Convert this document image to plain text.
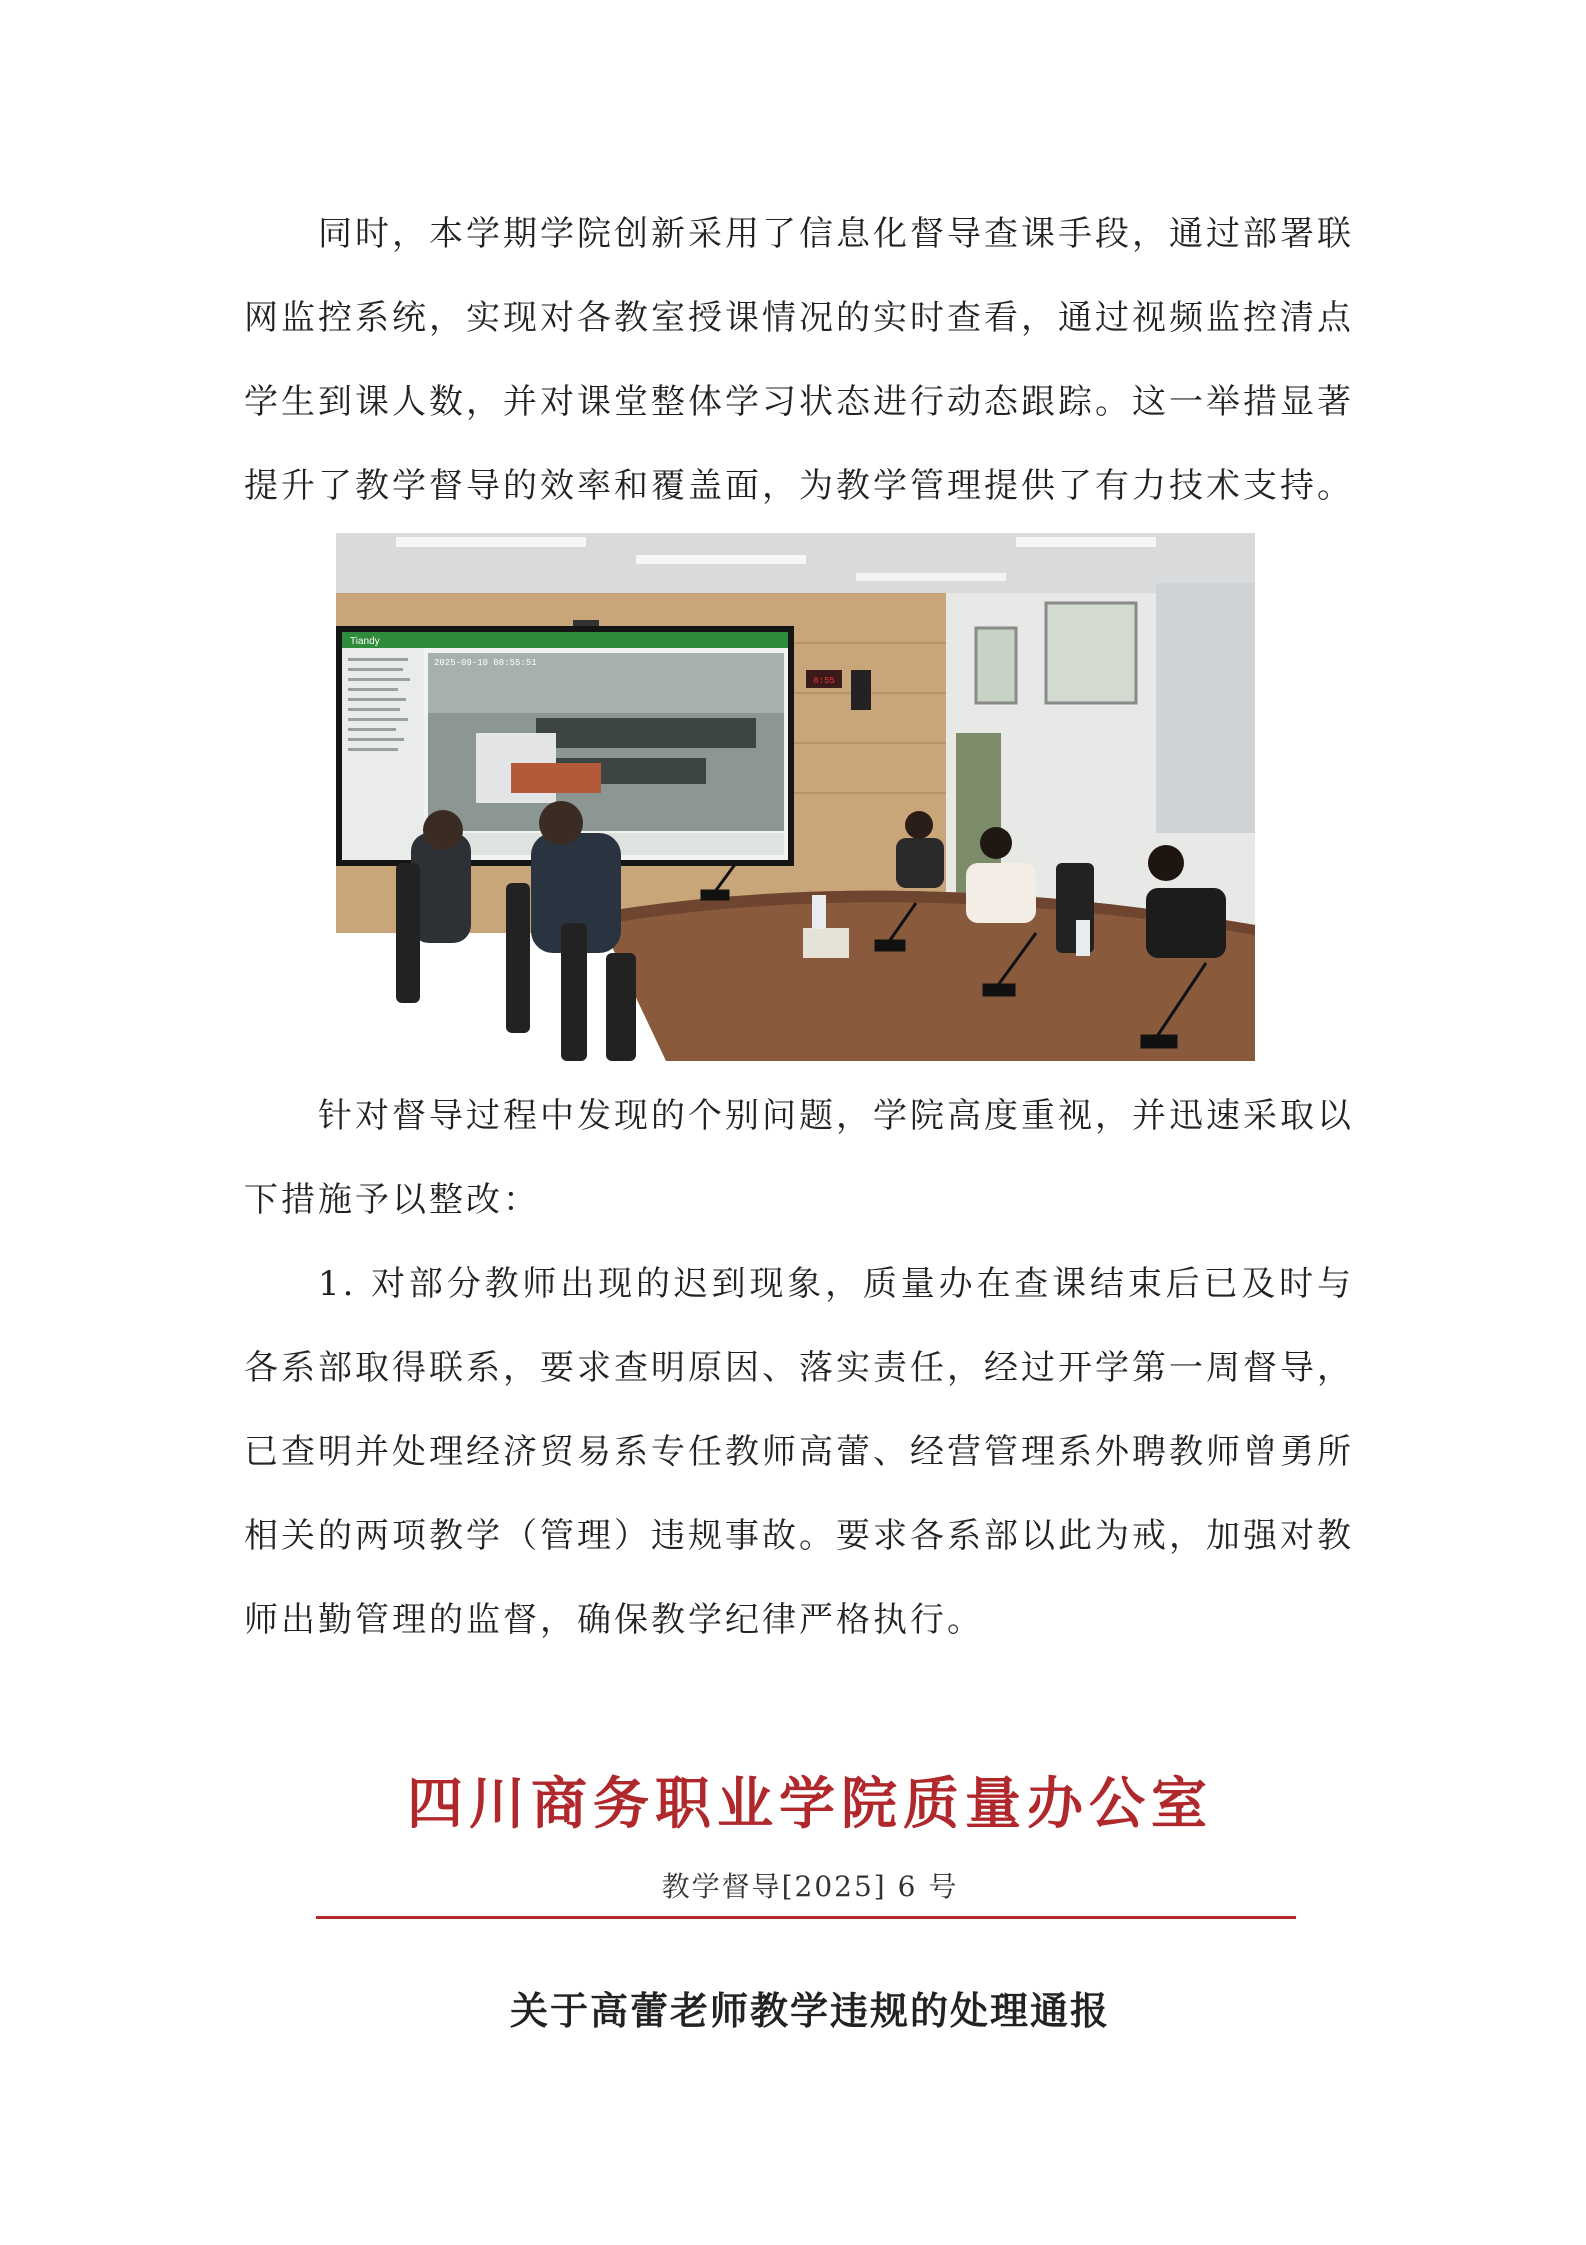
同时，本学期学院创新采用了信息化督导查课手段，通过部署联网监控系统，实现对各教室授课情况的实时查看，通过视频监控清点学生到课人数，并对课堂整体学习状态进行动态跟踪。这一举措显著提升了教学督导的效率和覆盖面，为教学管理提供了有力技术支持。

8:55
Tiandy
2025-09-10 08:55:51

针对督导过程中发现的个别问题，学院高度重视，并迅速采取以下措施予以整改：

1. 对部分教师出现的迟到现象，质量办在查课结束后已及时与各系部取得联系，要求查明原因、落实责任，经过开学第一周督导，已查明并处理经济贸易系专任教师高蕾、经营管理系外聘教师曾勇所相关的两项教学（管理）违规事故。要求各系部以此为戒，加强对教师出勤管理的监督，确保教学纪律严格执行。

四川商务职业学院质量办公室
教学督导[2025] 6 号
关于高蕾老师教学违规的处理通报
